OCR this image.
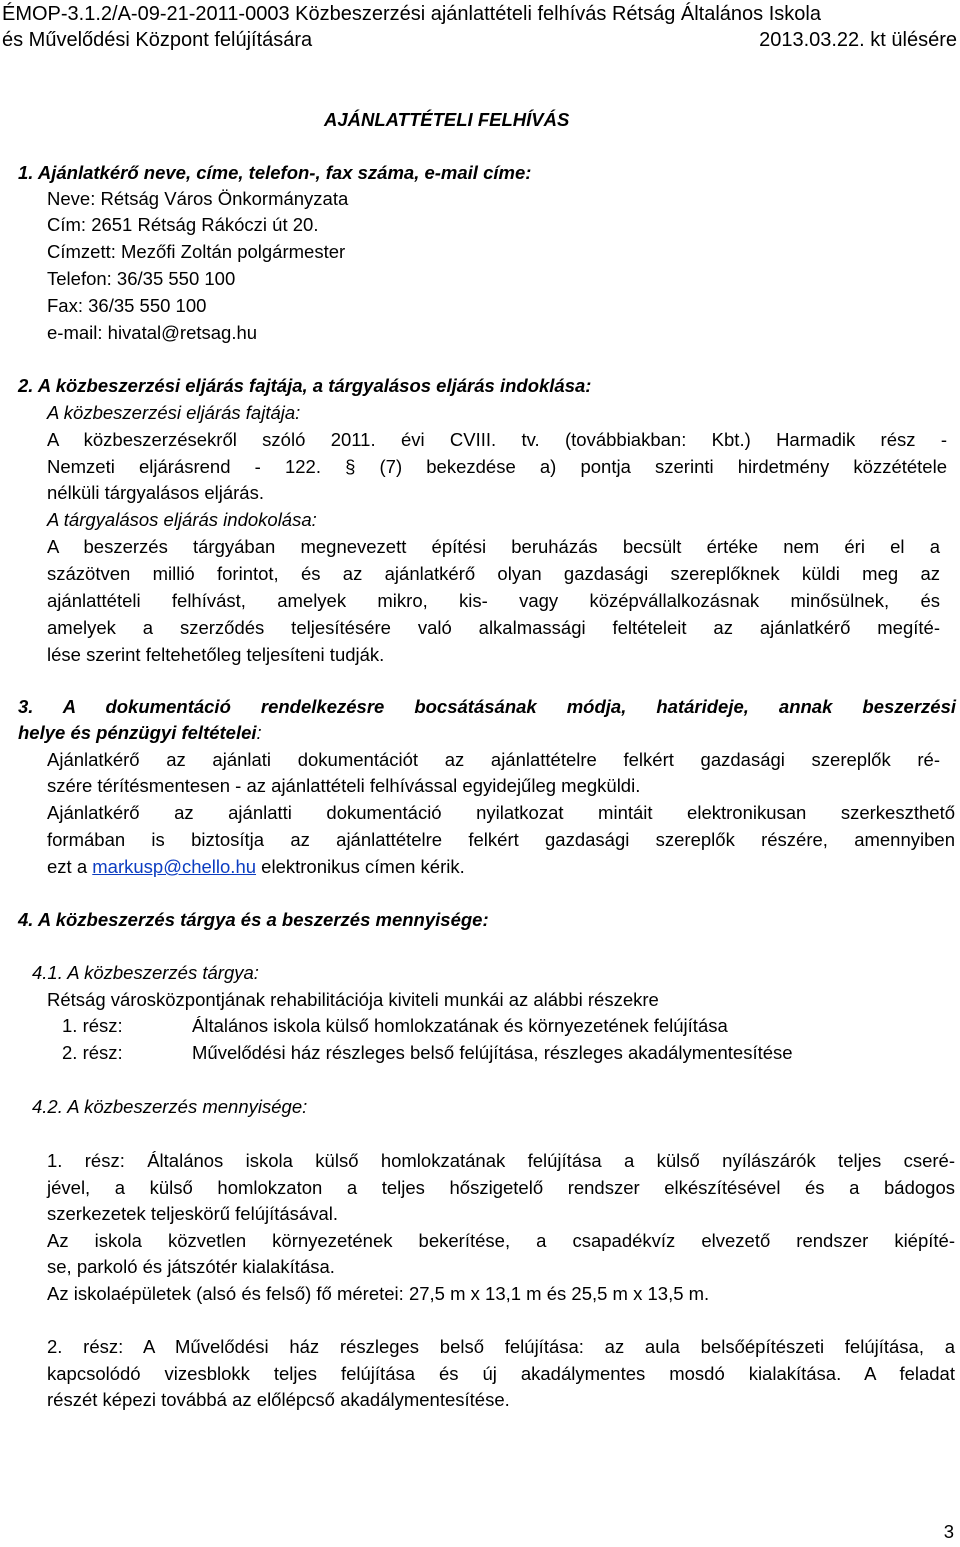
ÉMOP-3.1.2/A-09-21-2011-0003 Közbeszerzési ajánlattételi felhívás Rétság Általános Iskola
és Művelődési Központ felújítására	2013.03.22. kt ülésére
AJÁNLATTÉTELI FELHÍVÁS
1. Ajánlatkérő neve, címe, telefon-, fax száma, e-mail címe:
Neve: Rétság Város Önkormányzata
Cím: 2651 Rétság Rákóczi út 20.
Címzett: Mezőfi Zoltán polgármester
Telefon: 36/35 550 100
Fax: 36/35 550 100
e-mail: hivatal@retsag.hu
2. A közbeszerzési eljárás fajtája, a tárgyalásos eljárás indoklása:
A közbeszerzési eljárás fajtája:
A közbeszerzésekről szóló 2011. évi CVIII. tv. (továbbiakban: Kbt.) Harmadik rész -
Nemzeti eljárásrend - 122. § (7) bekezdése a) pontja szerinti hirdetmény közzététele
nélküli tárgyalásos eljárás.
A tárgyalásos eljárás indokolása:
A beszerzés tárgyában megnevezett építési beruházás becsült értéke nem éri el a
százötven millió forintot, és az ajánlatkérő olyan gazdasági szereplőknek küldi meg az
ajánlattételi felhívást, amelyek mikro, kis- vagy középvállalkozásnak minősülnek, és
amelyek a szerződés teljesítésére való alkalmassági feltételeit az ajánlatkérő megíté-
lése szerint feltehetőleg teljesíteni tudják.
3. A dokumentáció rendelkezésre bocsátásának módja, határideje, annak beszerzési
helye és pénzügyi feltételei:
Ajánlatkérő az ajánlati dokumentációt az ajánlattételre felkért gazdasági szereplők ré-
szére térítésmentesen - az ajánlattételi felhívással egyidejűleg megküldi.
Ajánlatkérő az ajánlatti dokumentáció nyilatkozat mintáit elektronikusan szerkeszthető
formában is biztosítja az ajánlattételre felkért gazdasági szereplők részére, amennyiben
ezt a markusp@chello.hu elektronikus címen kérik.
4. A közbeszerzés tárgya és a beszerzés mennyisége:
4.1. A közbeszerzés tárgya:
Rétság városközpontjának rehabilitációja kiviteli munkái az alábbi részekre
1. rész:	Általános iskola külső homlokzatának és környezetének felújítása
2. rész:	Művelődési ház részleges belső felújítása, részleges akadálymentesítése
4.2. A közbeszerzés mennyisége:
1. rész: Általános iskola külső homlokzatának felújítása a külső nyílászárók teljes cseré-
jével, a külső homlokzaton a teljes hőszigetelő rendszer elkészítésével és a bádogos
szerkezetek teljeskörű felújításával.
Az iskola közvetlen környezetének bekerítése, a csapadékvíz elvezető rendszer kiépíté-
se, parkoló és játszótér kialakítása.
Az iskolaépületek (alsó és felső) fő méretei: 27,5 m x 13,1 m és 25,5 m x 13,5 m.
2. rész: A Művelődési ház részleges belső felújítása: az aula belsőépítészeti felújítása, a
kapcsolódó vizesblokk teljes felújítása és új akadálymentes mosdó kialakítása. A feladat
részét képezi továbbá az előlépcső akadálymentesítése.
3
